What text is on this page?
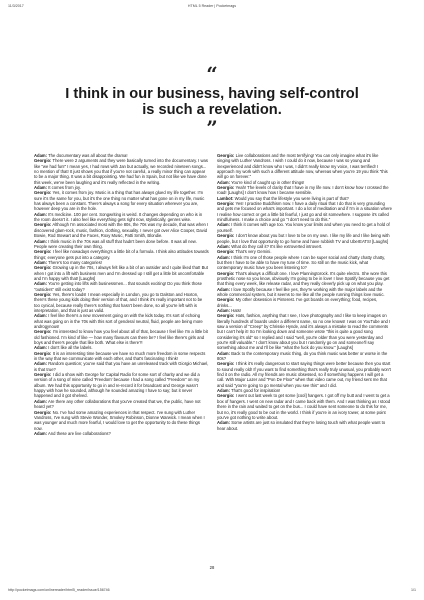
11/3/2017	HTML 5 Reader | Pocketmags
“
I think in our business, having self-control is such a revelation.
”

Adam: The documentary was all about the drama!

Georgio: There were 2 arguments and they were basically turned into the documentary. I was like "we had fun!" I mean yes, I had rows with Jan but actually, we recorded nineteen songs... no mention of that! It just shows you that if you're not careful, a really minor thing can appear to be a major thing. It was a bit disappointing. We had fun in Spain, but not like we have done this week, we've been laughing and it's really reflected in the writing.

Adam: It comes from joy.

Georgio: Yes, it comes from joy. Music is a thing that has always glued my life together. I'm sure it's the same for you, but it's the one thing no matter what has gone on in my life, music has always been a constant. There's always a song for every situation wherever you are, however deep you are in the hole.

Adam: It's medicine. 100 per cent. Songwriting is weird. It changes depending on who is in the room doesn't it. I also feel like everything gets right now, stylistically, genres wise.

Georgio: Although I'm associated most with the 80s, the 70s was my decade, that was when I discovered glam-rock, music, fashion, clothing, sexuality. I never got over Alice Cooper, David Bowie, Rod Stewart and the Faces, Roxy Music, Patti Smith, Blondie.

Adam: I think music in the 70s was all stuff that hadn't been done before. It was all new. People were creating their own thing.

Georgio: I feel like nowadays everything's a little bit of a formula. I think also attitudes towards things; everyone gets put into a category.

Adam: There's too many categories!

Georgio: Growing up in the 70s, I always felt like a bit of an outsider and I quite liked that! But when I got into a lift with business men and I'm dressed up I still get a little bit uncomfortable and I'm happy with that! [Laughs]

Adam: You're getting into lifts with businessmen... that sounds exciting! Do you think those "outsiders" still exist today?

Georgio: Yes, there's loads! I mean especially in London, you go to Dalston and Hoxton, there's these young kids doing their version of that, and I think it's really important not to be too cynical, because really there's nothing that hasn't been done, so all you're left with is interpretation, and that is just as valid.

Adam: I feel like there's a new movement going on with the kids today. It's sort of echoing what was going on in the 70s with this sort of genderal neutral, fluid, people are being more androgynous!

Georgio: I'm interested to know how you feel about all of that, because I feel like I'm a little bit old fashioned. I'm kind of like — how many flavours can there be? I feel like there's girls and boys and there's people that like both. What else is there?!

Adam: I don't like all the labels.

Georgio: It is an interesting time because we have so much more freedom in some respects in the way that we communicate with each other, and that's fascinating I think!

Adam: Random question; you've said that you have an unreleased track with Giorgio Michael, is that true?

Georgio: I did a show with George for Capital Radio for some sort of charity and we did a version of a song of mine called 'Freedom' because I had a song called "Freedom" on my album. We had this opportunity to go in and re-record it for broadcast and George wasn't happy with how he sounded, although he sounded amazing I have to say; but it never happened and it got shelved.

Adam: Are there any other collaborations that you've created that we, the public, have not heard yet?

Georgio: No. I've had some amazing experiences in that respect. I've sung with Luther Vandross, I've sung with Stevie Wonder, Smokey Robinson, Dionne Warwick. I mean when I was younger and much more fearful, I would love to get the opportunity to do these things now.

Adam: And these are live collaborations?

Georgio: Live collaborations and the most terrifying! You can only imagine what it's like singing with Luther Vandross. I wish I could do it now, because I was so young and inexperienced and didn't know who I was, I didn't really know my voice, I was terrified! I approach my work with such a different attitude now, whereas when you're 19 you think "this will go on forever."

Adam: You're kind of caught up in other things!

Georgio: Yeah! The levels of clarity that I have in my life now. I don't know how I crossed the road! [Laughs] I don't know how I became sensible.

Lambot: Would you say that the lifestyle you were living is part of that?

Georgio: Yes! I practise Buddhism now. I have a daily ritual that I do that is very grounding and gets me focused on what's important. I do a lot of meditation and if I'm in a situation where I realise how correct or get a little bit fearful, I just go and sit somewhere. I suppose it's called mindfulness. I make a choice and go "I don't need to do this."

Adam: I think it comes with age too. You know your limits and when you need to get a hold of yourself.

Georgio: I don't know about you but I love to be on my own. I like my life and I like being with people, but I love that opportunity to go home and have rubbish TV and UberEATS! [Laughs]

Adam: What do they call it? It's like extroverted introvert.

Georgio: That's very Gemini.

Adam: I think I'm one of those people where I can be super social and chatty chatty chatty, but then I have to be able to have my tune of time. So still on the music kick, what contemporary music have you been listening to?

Georgio: That's always a difficult one. I love Planningtorock. It's quite electro. She wore this prosthetic nose so you know, obviously I'm going to be in love! I love Spotify because you get that thing every week, like release radar, and they really cleverly pick up on what you play.

Adam: I love Spotify because I feel like yes, they're working with the major labels and the whole commercial system, but it seems to me like all the people running things love music.

Georgio: My other obsession is Pinterest. I've got boards on everything; food, recipes, drinks...

Adam: Hats!

Georgio: Hats, fashion, anything that I see, I love photography and I like to keep images on literally hundreds of boards under a different name, so no one knows! I was on YouTube and I saw a version of "Creep" by Chrissie Hynde, and it's always a mistake to read the comments but I can't help it! So I'm looking down and someone wrote "this is quite a good song considering it's old" so I replied and I said "well, you're older than you were yesterday and you're still valuable." I don't know about you but I randomly go on and someone'll say something about me and I'll be like "what the fuck do you know." [Laughs]

Adam: Back to the contemporary music thing, do you think music was better or worse in the 80s?

Georgio: I think it's really dangerous to start saying things were better because then you start to sound really old! If you want to find something that's really truly unusual, you probably won't find it on the radio. All my friends are music obsessed, so if something happens I will get a call. With Major Lazer and "Pon De Floor" when that video came out, my friend sent me that and said "you're going to go mental when you see this" and I did.

Adam: That's good for inspiration!

Georgio: I went out last week to get some [cool] hangers. I got off my butt and I went to get a box of hangers. I went on new radar and I came back with them. And I was thinking as I stood there in the rain and waited to get on the bus... I could have sent someone to do this for me, but no, it's really good to be out in the world. I think if you're in an ivory tower, at some point you've got nothing to write about.

Adam: Some artists are just so insulated that they're losing touch with what people want to hear about.

28
http://pocketmags.com/onlinereader/html5_reader/issue/156746	1/1
